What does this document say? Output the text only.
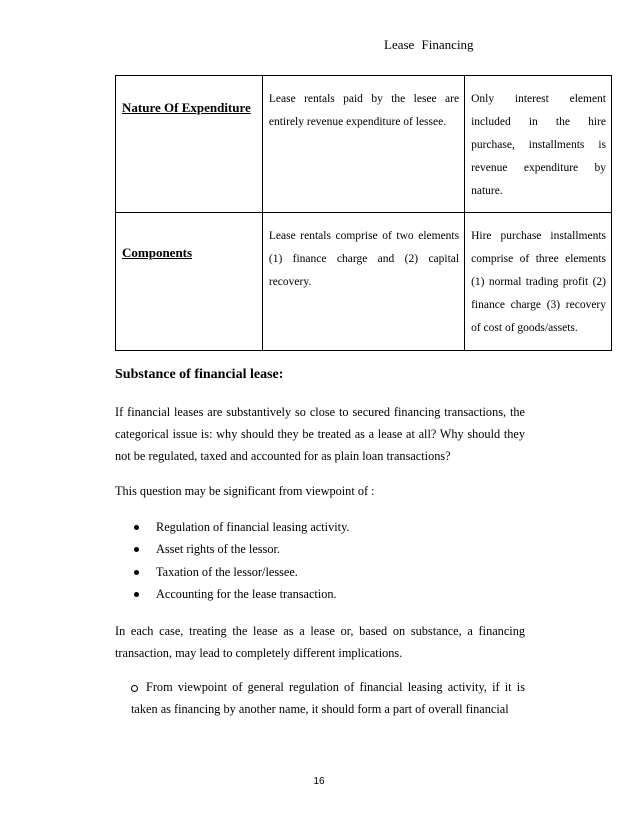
Lease Financing
Nature Of Expenditure	Lease rentals paid by the lesee are entirely revenue expenditure of lessee.	Only interest element included in the hire purchase, installments is revenue expenditure by nature.

Components	Lease rentals comprise of two elements (1) finance charge and (2) capital recovery.	Hire purchase installments comprise of three elements (1) normal trading profit (2) finance charge (3) recovery of cost of goods/assets.
Substance of financial lease:
If financial leases are substantively so close to secured financing transactions, the categorical issue is: why should they be treated as a lease at all? Why should they not be regulated, taxed and accounted for as plain loan transactions?
This question may be significant from viewpoint of :
Regulation of financial leasing activity.
Asset rights of the lessor.
Taxation of the lessor/lessee.
Accounting for the lease transaction.
In each case, treating the lease as a lease or, based on substance, a financing transaction, may lead to completely different implications.
From viewpoint of general regulation of financial leasing activity, if it is taken as financing by another name, it should form a part of overall financial
16
